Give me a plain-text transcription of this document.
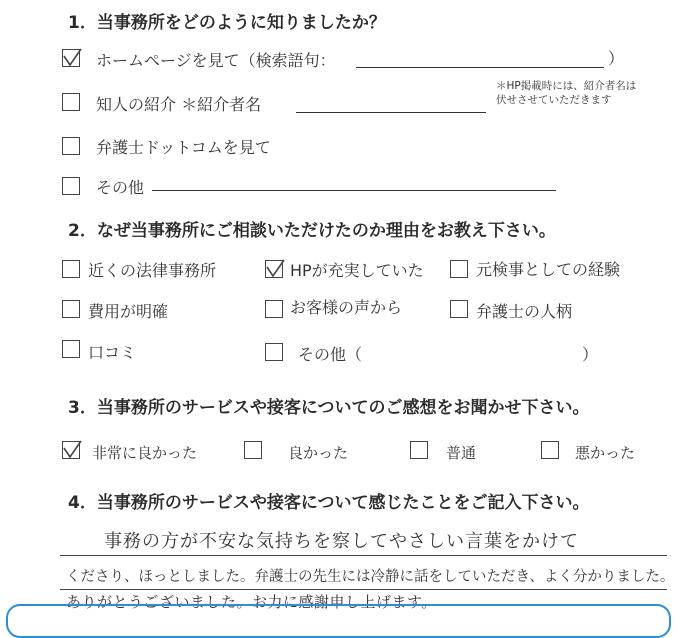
1．当事務所をどのように知りましたか？
ホームページを見て（検索語句：	）
知人の紹介 ＊紹介者名
＊HP掲載時には、紹介者名は
伏せさせていただきます
弁護士ドットコムを見て
その他
2．なぜ当事務所にご相談いただけたのか理由をお教え下さい。
近くの法律事務所	HPが充実していた	元検事としての経験
費用が明確	お客様の声から	弁護士の人柄
口コミ	その他（	）
3．当事務所のサービスや接客についてのご感想をお聞かせ下さい。
非常に良かった	良かった	普通	悪かった
4．当事務所のサービスや接客について感じたことをご記入下さい。
事務の方が不安な気持ちを察してやさしい言葉をかけて
くださり、ほっとしました。弁護士の先生には冷静に話をしていただき、よく分かりました。
ありがとうございました。お力に感謝申し上げます。
